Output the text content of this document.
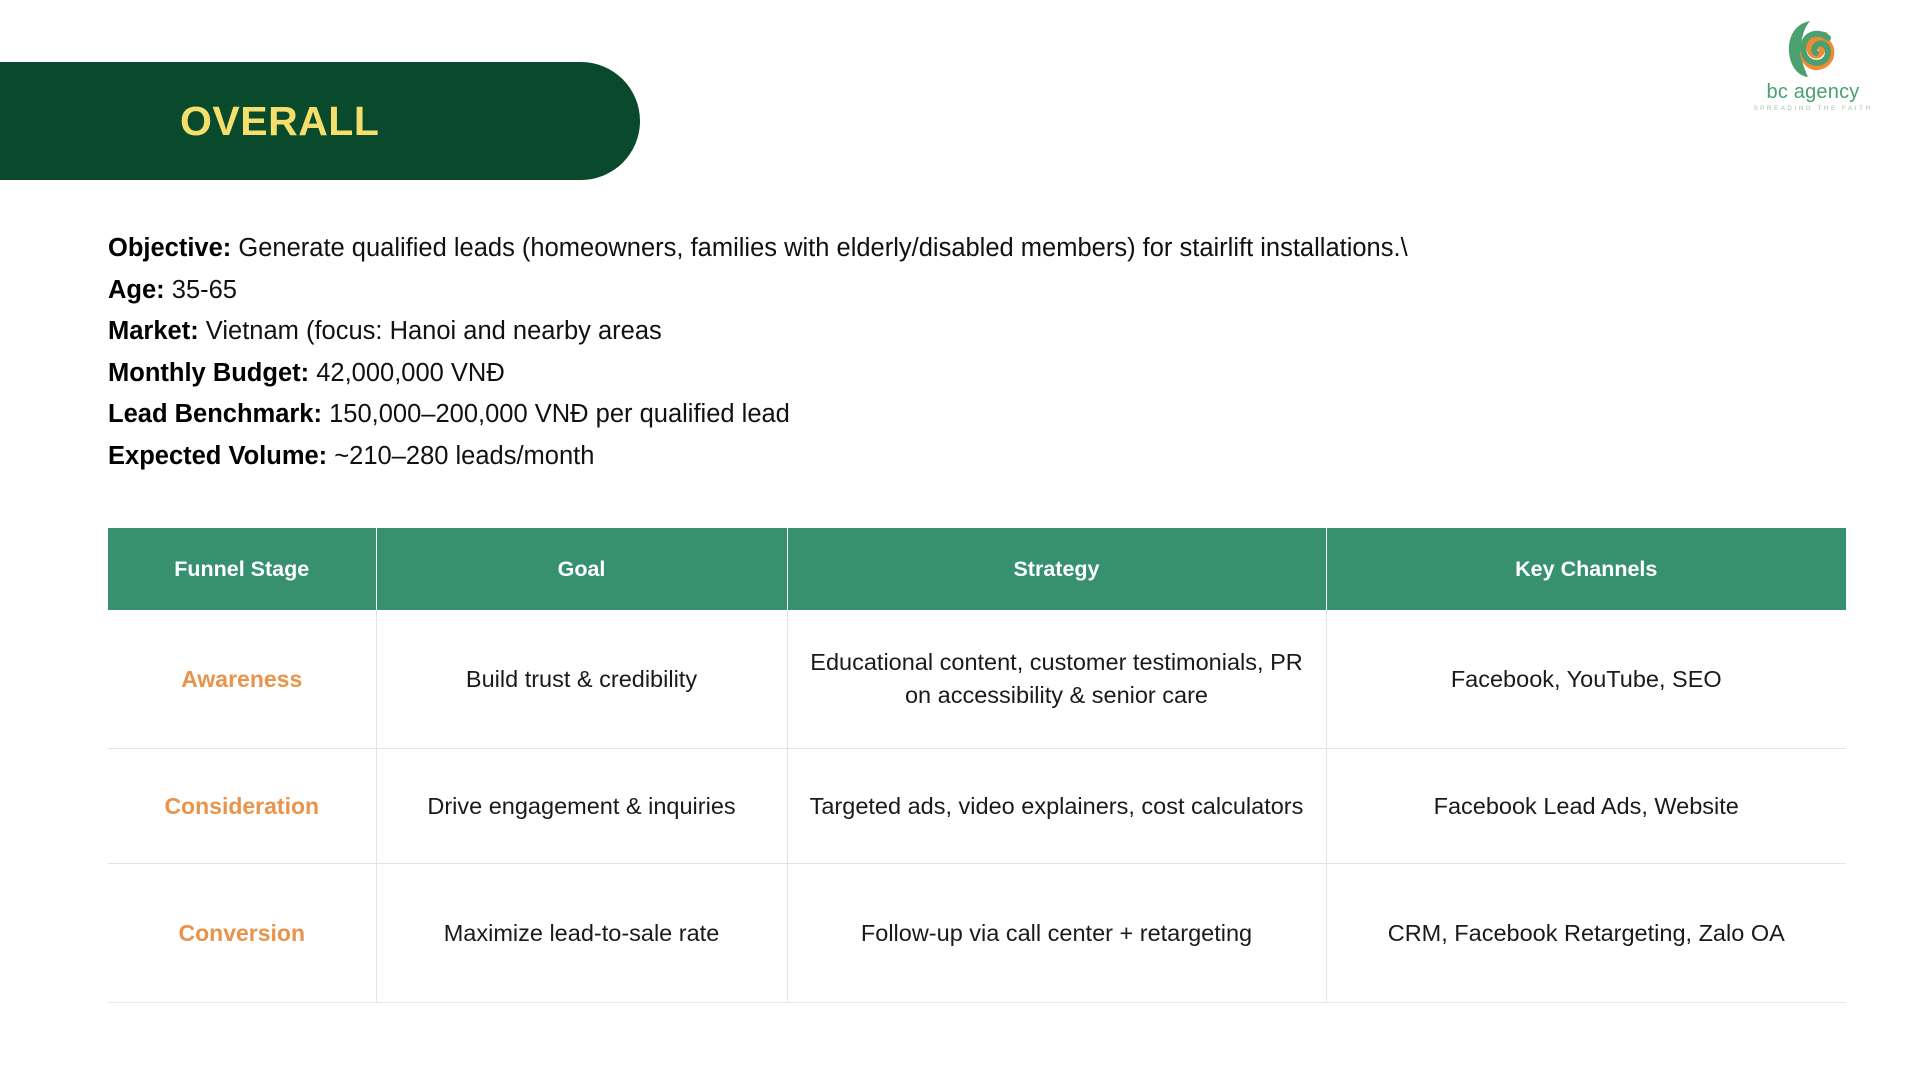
OVERALL
bc agency
SPREADING THE FAITH
Objective: Generate qualified leads (homeowners, families with elderly/disabled members) for stairlift installations.\
Age: 35-65
Market: Vietnam (focus: Hanoi and nearby areas
Monthly Budget: 42,000,000 VNĐ
Lead Benchmark: 150,000–200,000 VNĐ per qualified lead
Expected Volume: ~210–280 leads/month
Funnel Stage	Goal	Strategy	Key Channels
Awareness	Build trust & credibility	Educational content, customer testimonials, PR on accessibility & senior care	Facebook, YouTube, SEO
Consideration	Drive engagement & inquiries	Targeted ads, video explainers, cost calculators	Facebook Lead Ads, Website
Conversion	Maximize lead-to-sale rate	Follow-up via call center + retargeting	CRM, Facebook Retargeting, Zalo OA
